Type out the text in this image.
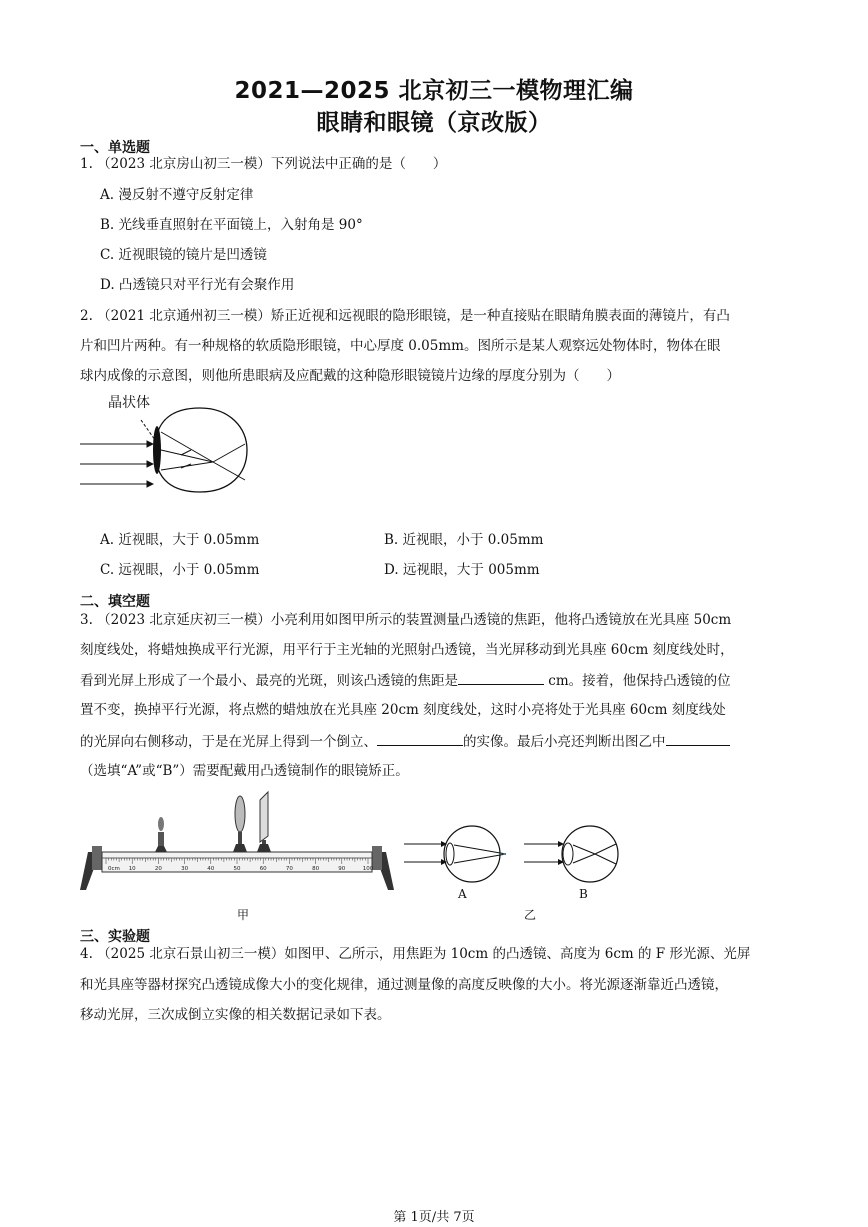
2021—2025 北京初三一模物理汇编
眼睛和眼镜（京改版）
一、单选题
1. （2023 北京房山初三一模）下列说法中正确的是（　　）
A. 漫反射不遵守反射定律
B. 光线垂直照射在平面镜上，入射角是 90°
C. 近视眼镜的镜片是凹透镜
D. 凸透镜只对平行光有会聚作用
2. （2021 北京通州初三一模）矫正近视和远视眼的隐形眼镜，是一种直接贴在眼睛角膜表面的薄镜片，有凸
片和凹片两种。有一种规格的软质隐形眼镜，中心厚度 0.05mm。图所示是某人观察远处物体时，物体在眼
球内成像的示意图，则他所患眼病及应配戴的这种隐形眼镜镜片边缘的厚度分别为（　　）
晶状体
A. 近视眼，大于 0.05mm	B. 近视眼，小于 0.05mm
C. 远视眼，小于 0.05mm	D. 远视眼，大于 005mm
二、填空题
3. （2023 北京延庆初三一模）小亮利用如图甲所示的装置测量凸透镜的焦距，他将凸透镜放在光具座 50cm
刻度线处，将蜡烛换成平行光源，用平行于主光轴的光照射凸透镜，当光屏移动到光具座 60cm 刻度线处时，
看到光屏上形成了一个最小、最亮的光斑，则该凸透镜的焦距是	cm。接着，他保持凸透镜的位
置不变，换掉平行光源，将点燃的蜡烛放在光具座 20cm 刻度线处，这时小亮将处于光具座 60cm 刻度线处
的光屏向右侧移动，于是在光屏上得到一个倒立、	的实像。最后小亮还判断出图乙中
（选填“A”或“B”）需要配戴用凸透镜制作的眼镜矫正。
0cm 10	20	30	40	50	60	70	80	90	100
甲
A	B
乙
三、实验题
4. （2025 北京石景山初三一模）如图甲、乙所示，用焦距为 10cm 的凸透镜、高度为 6cm 的 F 形光源、光屏
和光具座等器材探究凸透镜成像大小的变化规律，通过测量像的高度反映像的大小。将光源逐渐靠近凸透镜，
移动光屏，三次成倒立实像的相关数据记录如下表。
第 1页/共 7页
